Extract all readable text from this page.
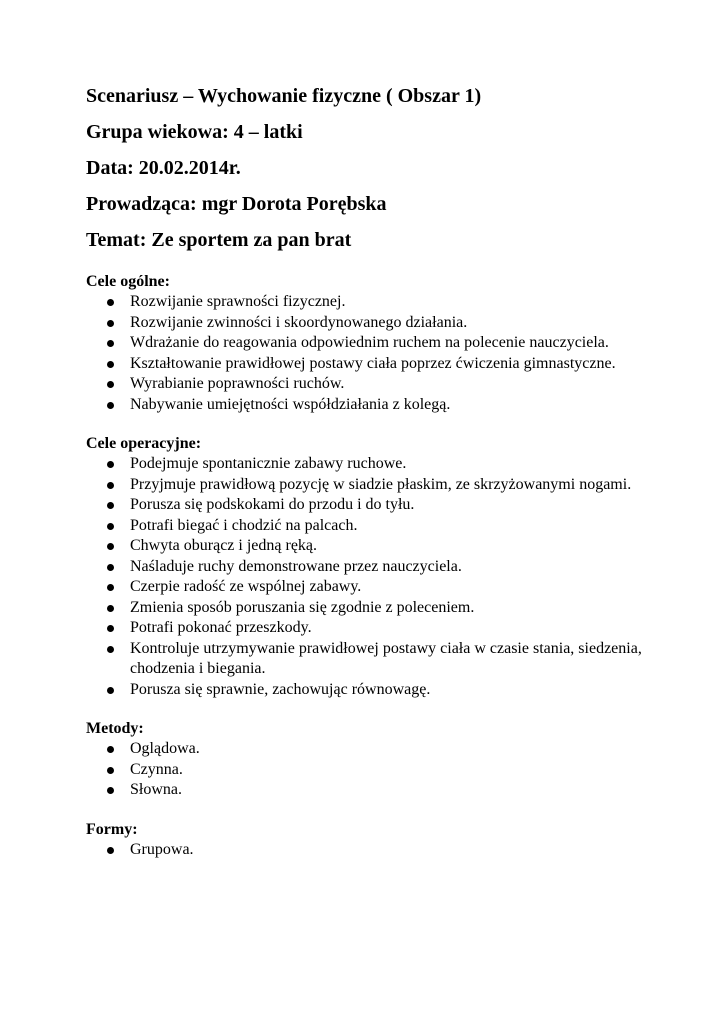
Scenariusz – Wychowanie fizyczne ( Obszar 1)
Grupa wiekowa: 4 – latki
Data: 20.02.2014r.
Prowadząca: mgr Dorota Porębska
Temat: Ze sportem za pan brat
Cele ogólne:
Rozwijanie sprawności fizycznej.
Rozwijanie zwinności i skoordynowanego działania.
Wdrażanie do reagowania odpowiednim ruchem na polecenie nauczyciela.
Kształtowanie prawidłowej postawy ciała poprzez ćwiczenia gimnastyczne.
Wyrabianie poprawności ruchów.
Nabywanie umiejętności współdziałania z kolegą.
Cele operacyjne:
Podejmuje spontanicznie zabawy ruchowe.
Przyjmuje prawidłową pozycję w siadzie płaskim, ze skrzyżowanymi nogami.
Porusza się podskokami do przodu i do tyłu.
Potrafi biegać i chodzić na palcach.
Chwyta oburącz i jedną ręką.
Naśladuje ruchy demonstrowane przez nauczyciela.
Czerpie radość ze wspólnej zabawy.
Zmienia sposób poruszania się zgodnie z poleceniem.
Potrafi pokonać przeszkody.
Kontroluje utrzymywanie prawidłowej postawy ciała w czasie stania, siedzenia, chodzenia i biegania.
Porusza się sprawnie, zachowując równowagę.
Metody:
Oglądowa.
Czynna.
Słowna.
Formy:
Grupowa.
